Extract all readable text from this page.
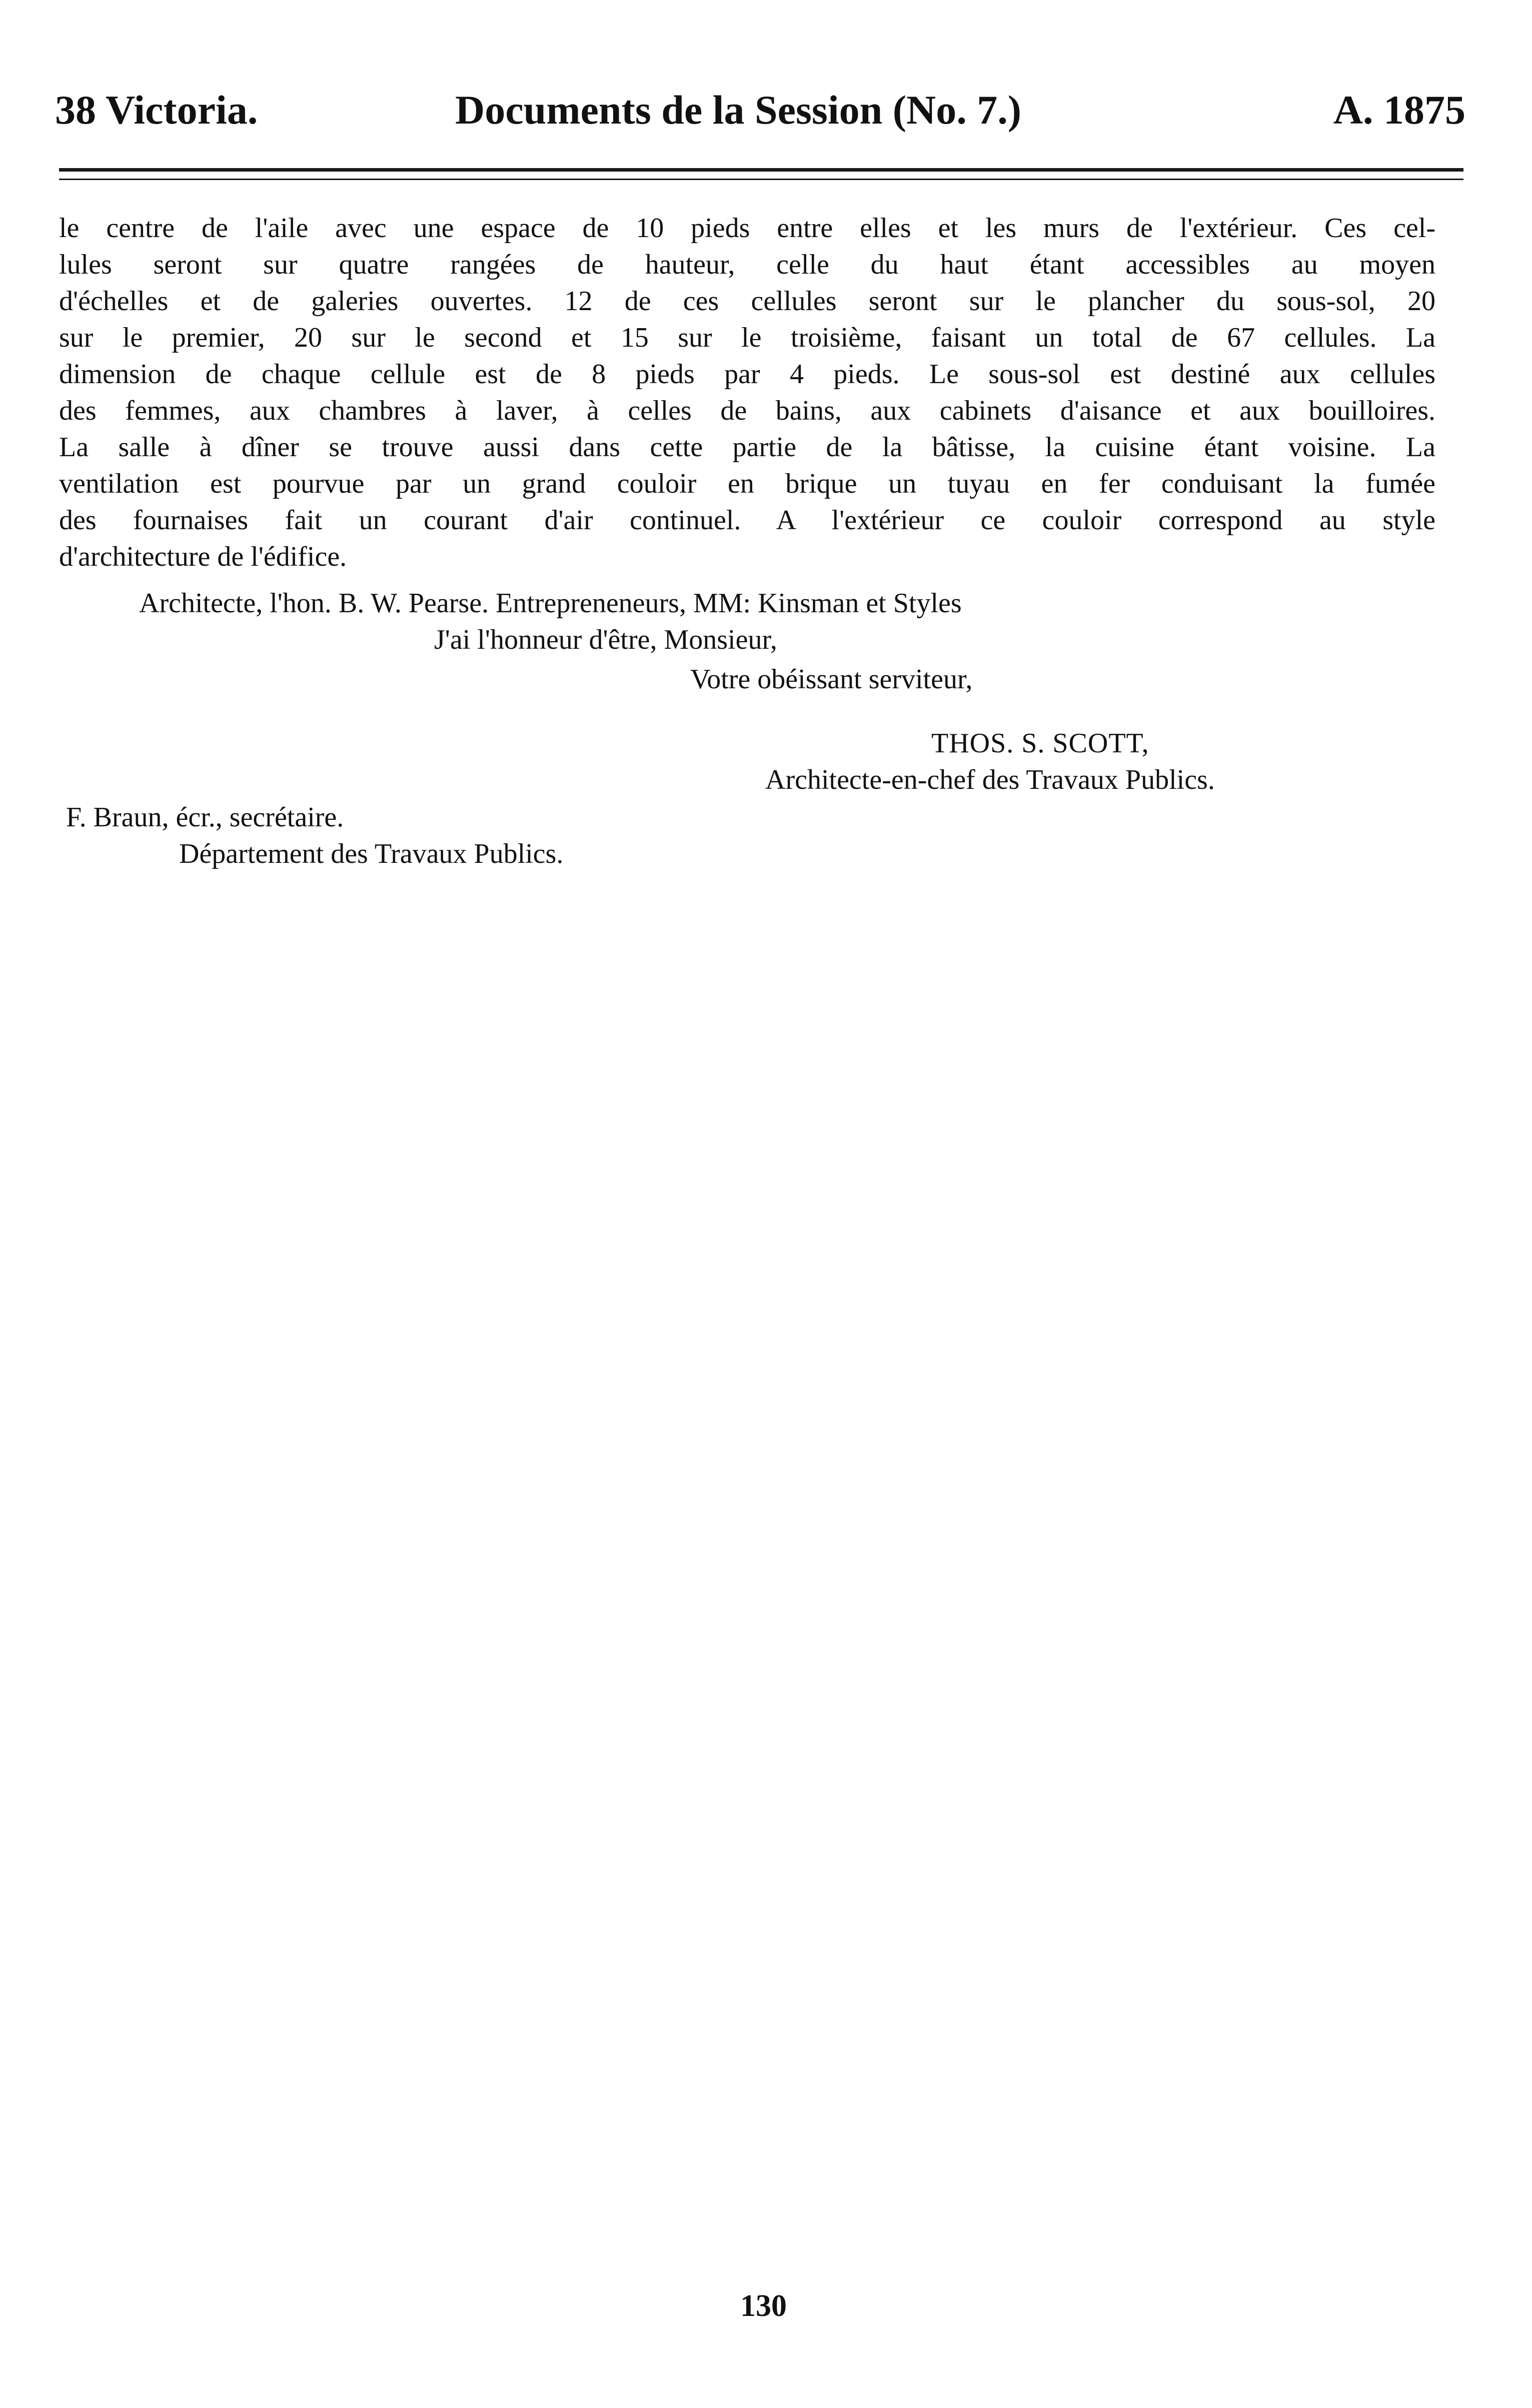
38 Victoria.	Documents de la Session (No. 7.)	A. 1875
le centre de l'aile avec une espace de 10 pieds entre elles et les murs de l'extérieur. Ces cel-
lules seront sur quatre rangées de hauteur, celle du haut étant accessibles au moyen
d'échelles et de galeries ouvertes. 12 de ces cellules seront sur le plancher du sous-sol, 20
sur le premier, 20 sur le second et 15 sur le troisième, faisant un total de 67 cellules. La
dimension de chaque cellule est de 8 pieds par 4 pieds. Le sous-sol est destiné aux cellules
des femmes, aux chambres à laver, à celles de bains, aux cabinets d'aisance et aux bouilloires.
La salle à dîner se trouve aussi dans cette partie de la bâtisse, la cuisine étant voisine. La
ventilation est pourvue par un grand couloir en brique un tuyau en fer conduisant la fumée
des fournaises fait un courant d'air continuel. A l'extérieur ce couloir correspond au style
d'architecture de l'édifice.
Architecte, l'hon. B. W. Pearse. Entrepreneneurs, MM: Kinsman et Styles
J'ai l'honneur d'être, Monsieur,
Votre obéissant serviteur,
THOS. S. SCOTT,
Architecte-en-chef des Travaux Publics.
F. Braun, écr., secrétaire.
Département des Travaux Publics.
130
